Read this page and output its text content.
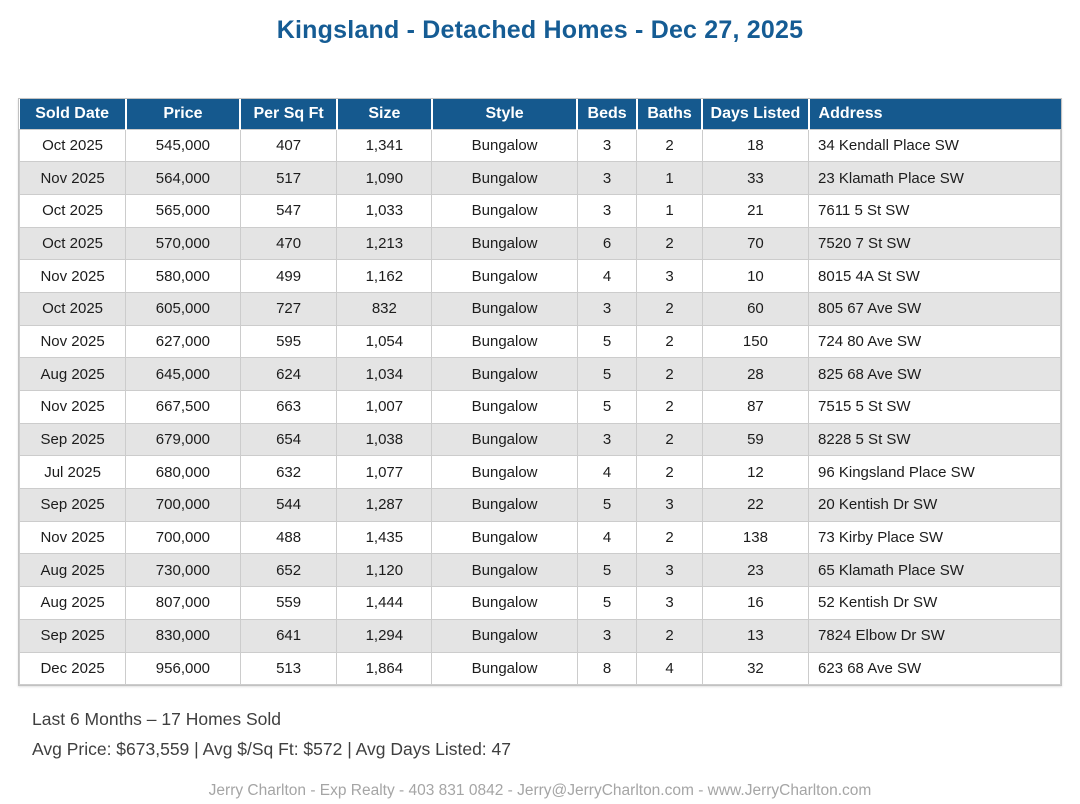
Kingsland - Detached Homes - Dec 27, 2025
Sold Date	Price	Per Sq Ft	Size	Style	Beds	Baths	Days Listed	Address
Oct 2025	545,000	407	1,341	Bungalow	3	2	18	34 Kendall Place SW
Nov 2025	564,000	517	1,090	Bungalow	3	1	33	23 Klamath Place SW
Oct 2025	565,000	547	1,033	Bungalow	3	1	21	7611 5 St SW
Oct 2025	570,000	470	1,213	Bungalow	6	2	70	7520 7 St SW
Nov 2025	580,000	499	1,162	Bungalow	4	3	10	8015 4A St SW
Oct 2025	605,000	727	832	Bungalow	3	2	60	805 67 Ave SW
Nov 2025	627,000	595	1,054	Bungalow	5	2	150	724 80 Ave SW
Aug 2025	645,000	624	1,034	Bungalow	5	2	28	825 68 Ave SW
Nov 2025	667,500	663	1,007	Bungalow	5	2	87	7515 5 St SW
Sep 2025	679,000	654	1,038	Bungalow	3	2	59	8228 5 St SW
Jul 2025	680,000	632	1,077	Bungalow	4	2	12	96 Kingsland Place SW
Sep 2025	700,000	544	1,287	Bungalow	5	3	22	20 Kentish Dr SW
Nov 2025	700,000	488	1,435	Bungalow	4	2	138	73 Kirby Place SW
Aug 2025	730,000	652	1,120	Bungalow	5	3	23	65 Klamath Place SW
Aug 2025	807,000	559	1,444	Bungalow	5	3	16	52 Kentish Dr SW
Sep 2025	830,000	641	1,294	Bungalow	3	2	13	7824 Elbow Dr SW
Dec 2025	956,000	513	1,864	Bungalow	8	4	32	623 68 Ave SW
Last 6 Months – 17 Homes Sold
Avg Price: $673,559 | Avg $/Sq Ft: $572 | Avg Days Listed: 47
Jerry Charlton - Exp Realty - 403 831 0842 - Jerry@JerryCharlton.com - www.JerryCharlton.com
